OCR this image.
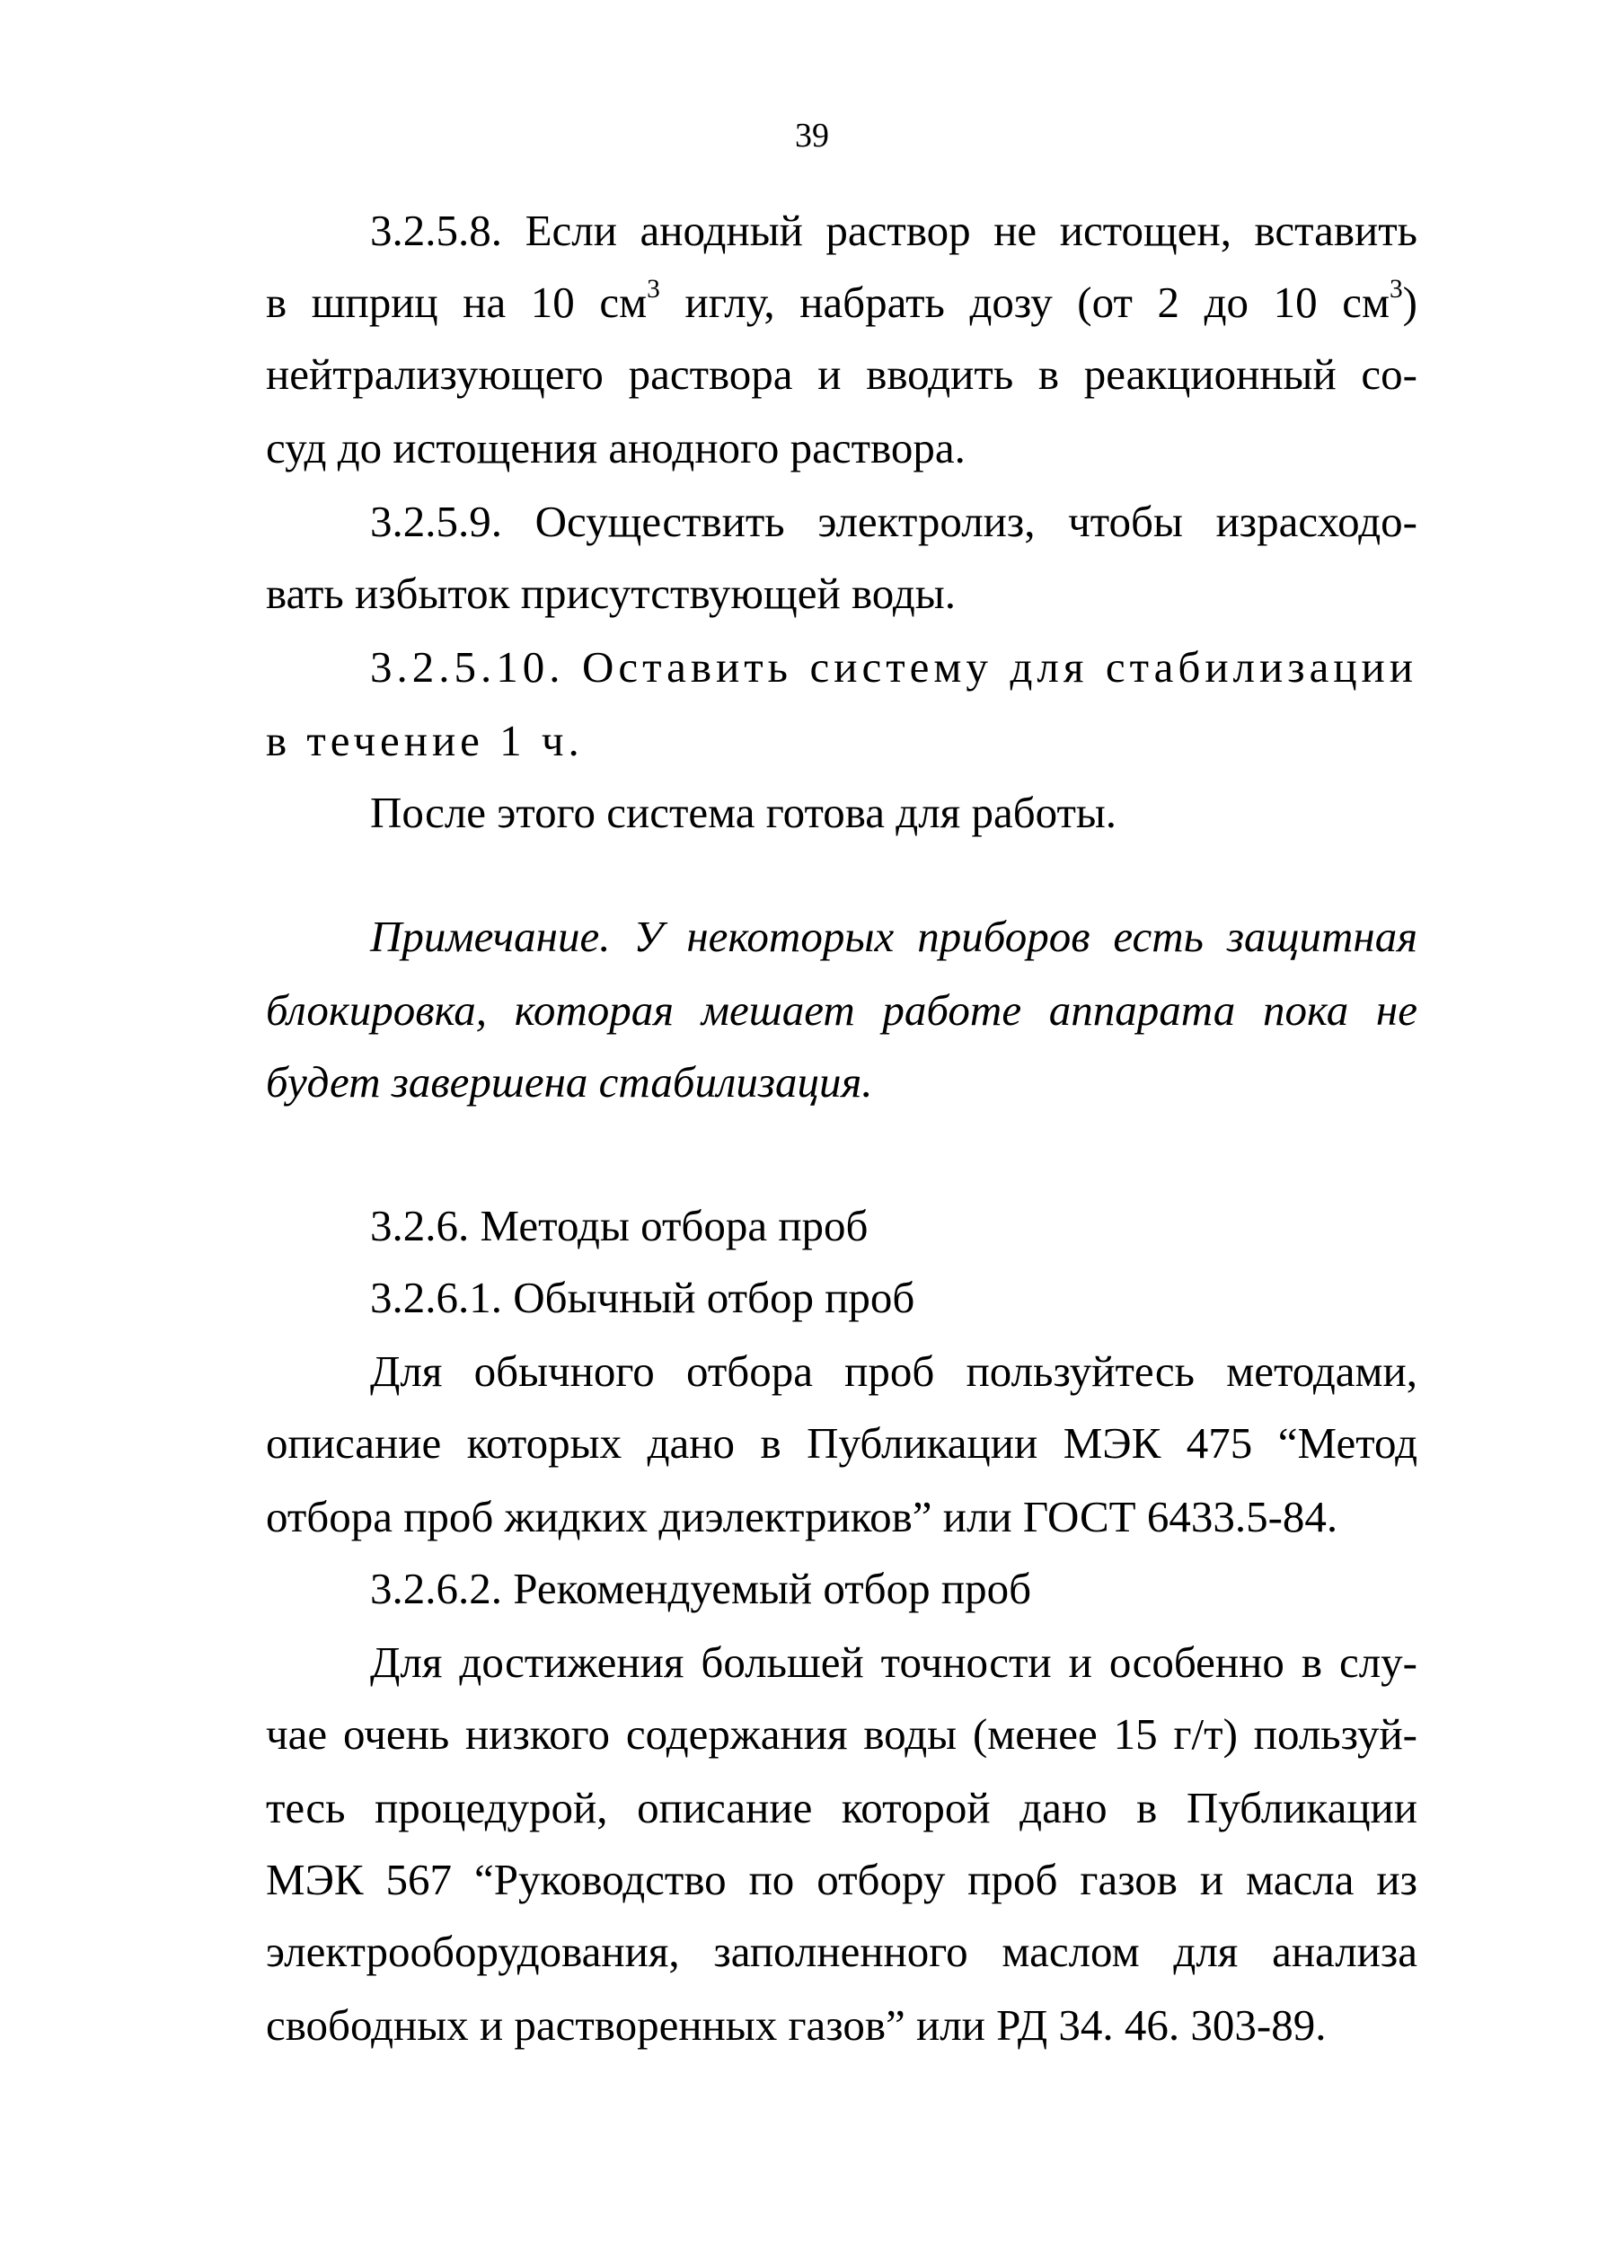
39
3.2.5.8. Если анодный раствор не истощен, вставить
в шприц на 10 $см^3$ иглу, набрать дозу (от 2 до 10 $см^3$)
нейтрализующего раствора и вводить в реакционный со-
суд до истощения анодного раствора.
3.2.5.9. Осуществить электролиз, чтобы израсходо-
вать избыток присутствующей воды.
3.2.5.10. Оставить систему для стабилизации
в течение 1 ч.
После этого система готова для работы.
Примечание. У некоторых приборов есть защитная
блокировка, которая мешает работе аппарата пока не
будет завершена стабилизация.
3.2.6. Методы отбора проб
3.2.6.1. Обычный отбор проб
Для обычного отбора проб пользуйтесь методами,
описание которых дано в Публикации МЭК 475 “Метод
отбора проб жидких диэлектриков” или ГОСТ 6433.5-84.
3.2.6.2. Рекомендуемый отбор проб
Для достижения большей точности и особенно в слу-
чае очень низкого содержания воды (менее 15 г/т) пользуй-
тесь процедурой, описание которой дано в Публикации
МЭК 567 “Руководство по отбору проб газов и масла из
электрооборудования, заполненного маслом для анализа
свободных и растворенных газов” или РД 34. 46. 303-89.
